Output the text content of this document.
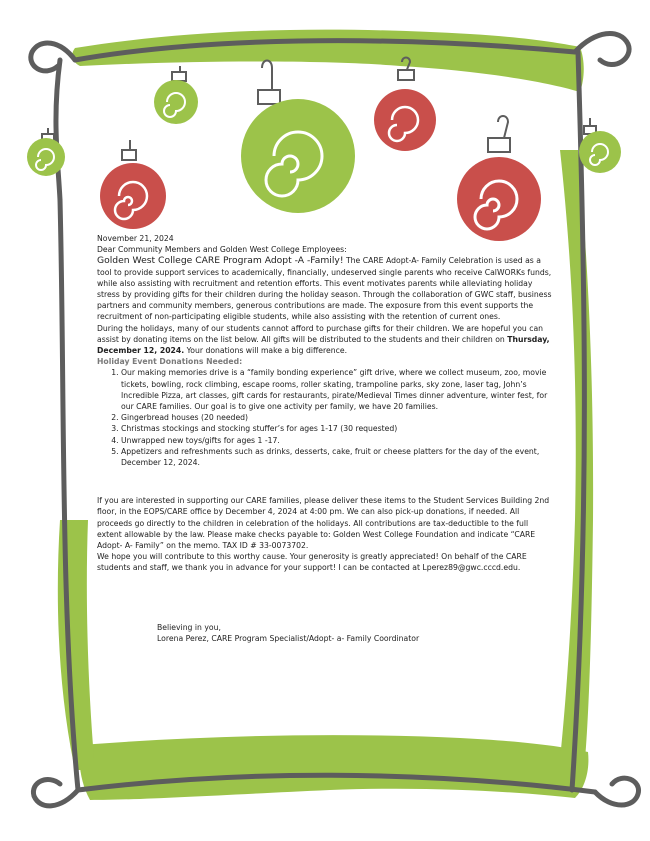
November 21, 2024

Dear Community Members and Golden West College Employees:

Golden West College CARE Program Adopt -A -Family! The CARE Adopt-A- Family Celebration is used as a tool to provide support services to academically, financially, undeserved single parents who receive CalWORKs funds, while also assisting with recruitment and retention efforts. This event motivates parents while alleviating holiday stress by providing gifts for their children during the holiday season. Through the collaboration of GWC staff, business partners and community members, generous contributions are made. The exposure from this event supports the recruitment of non-participating eligible students, while also assisting with the retention of current ones.

During the holidays, many of our students cannot afford to purchase gifts for their children. We are hopeful you can assist by donating items on the list below. All gifts will be distributed to the students and their children on Thursday, December 12, 2024. Your donations will make a big difference.

Holiday Event Donations Needed:

1. Our making memories drive is a “family bonding experience” gift drive, where we collect museum, zoo, movie tickets, bowling, rock climbing, escape rooms, roller skating, trampoline parks, sky zone, laser tag, John’s Incredible Pizza, art classes, gift cards for restaurants, pirate/Medieval Times dinner adventure, winter fest, for our CARE families. Our goal is to give one activity per family, we have 20 families.
2. Gingerbread houses (20 needed)
3. Christmas stockings and stocking stuffer’s for ages 1-17 (30 requested)
4. Unwrapped new toys/gifts for ages 1 -17.
5. Appetizers and refreshments such as drinks, desserts, cake, fruit or cheese platters for the day of the event, December 12, 2024.

If you are interested in supporting our CARE families, please deliver these items to the Student Services Building 2nd floor, in the EOPS/CARE office by December 4, 2024 at 4:00 pm. We can also pick-up donations, if needed. All proceeds go directly to the children in celebration of the holidays. All contributions are tax-deductible to the full extent allowable by the law. Please make checks payable to: Golden West College Foundation and indicate “CARE Adopt- A- Family” on the memo. TAX ID # 33-0073702.

We hope you will contribute to this worthy cause. Your generosity is greatly appreciated! On behalf of the CARE students and staff, we thank you in advance for your support! I can be contacted at Lperez89@gwc.cccd.edu.

Believing in you,

Lorena Perez, CARE Program Specialist/Adopt- a- Family Coordinator
